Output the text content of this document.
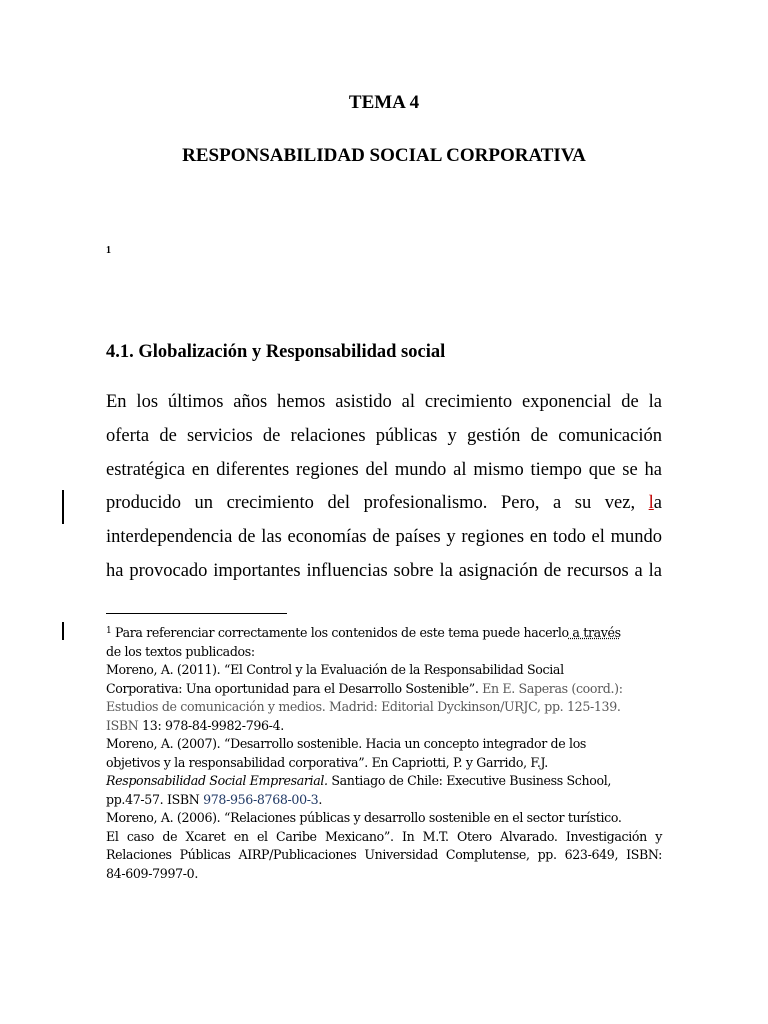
TEMA 4
RESPONSABILIDAD SOCIAL CORPORATIVA
1
4.1. Globalización y Responsabilidad social

En los últimos años hemos asistido al crecimiento exponencial de la
oferta de servicios de relaciones públicas y gestión de comunicación
estratégica en diferentes regiones del mundo al mismo tiempo que se ha
producido un crecimiento del profesionalismo. Pero, a su vez, la
interdependencia de las economías de países y regiones en todo el mundo
ha provocado importantes influencias sobre la asignación de recursos a la

$^1$ Para referenciar correctamente los contenidos de este tema puede hacerlo a través
de los textos publicados:
Moreno, A. (2011). “El Control y la Evaluación de la Responsabilidad Social
Corporativa: Una oportunidad para el Desarrollo Sostenible”. En E. Saperas (coord.):
Estudios de comunicación y medios. Madrid: Editorial Dyckinson/URJC, pp. 125-139.
ISBN 13: 978-84-9982-796-4.
Moreno, A. (2007). “Desarrollo sostenible. Hacia un concepto integrador de los
objetivos y la responsabilidad corporativa”. En Capriotti, P. y Garrido, F.J.
Responsabilidad Social Empresarial. Santiago de Chile: Executive Business School,
pp.47-57. ISBN 978-956-8768-00-3.
Moreno, A. (2006). “Relaciones públicas y desarrollo sostenible en el sector turístico.
El caso de Xcaret en el Caribe Mexicano”. In M.T. Otero Alvarado. Investigación y
Relaciones Públicas AIRP/Publicaciones Universidad Complutense, pp. 623-649, ISBN:
84-609-7997-0.
